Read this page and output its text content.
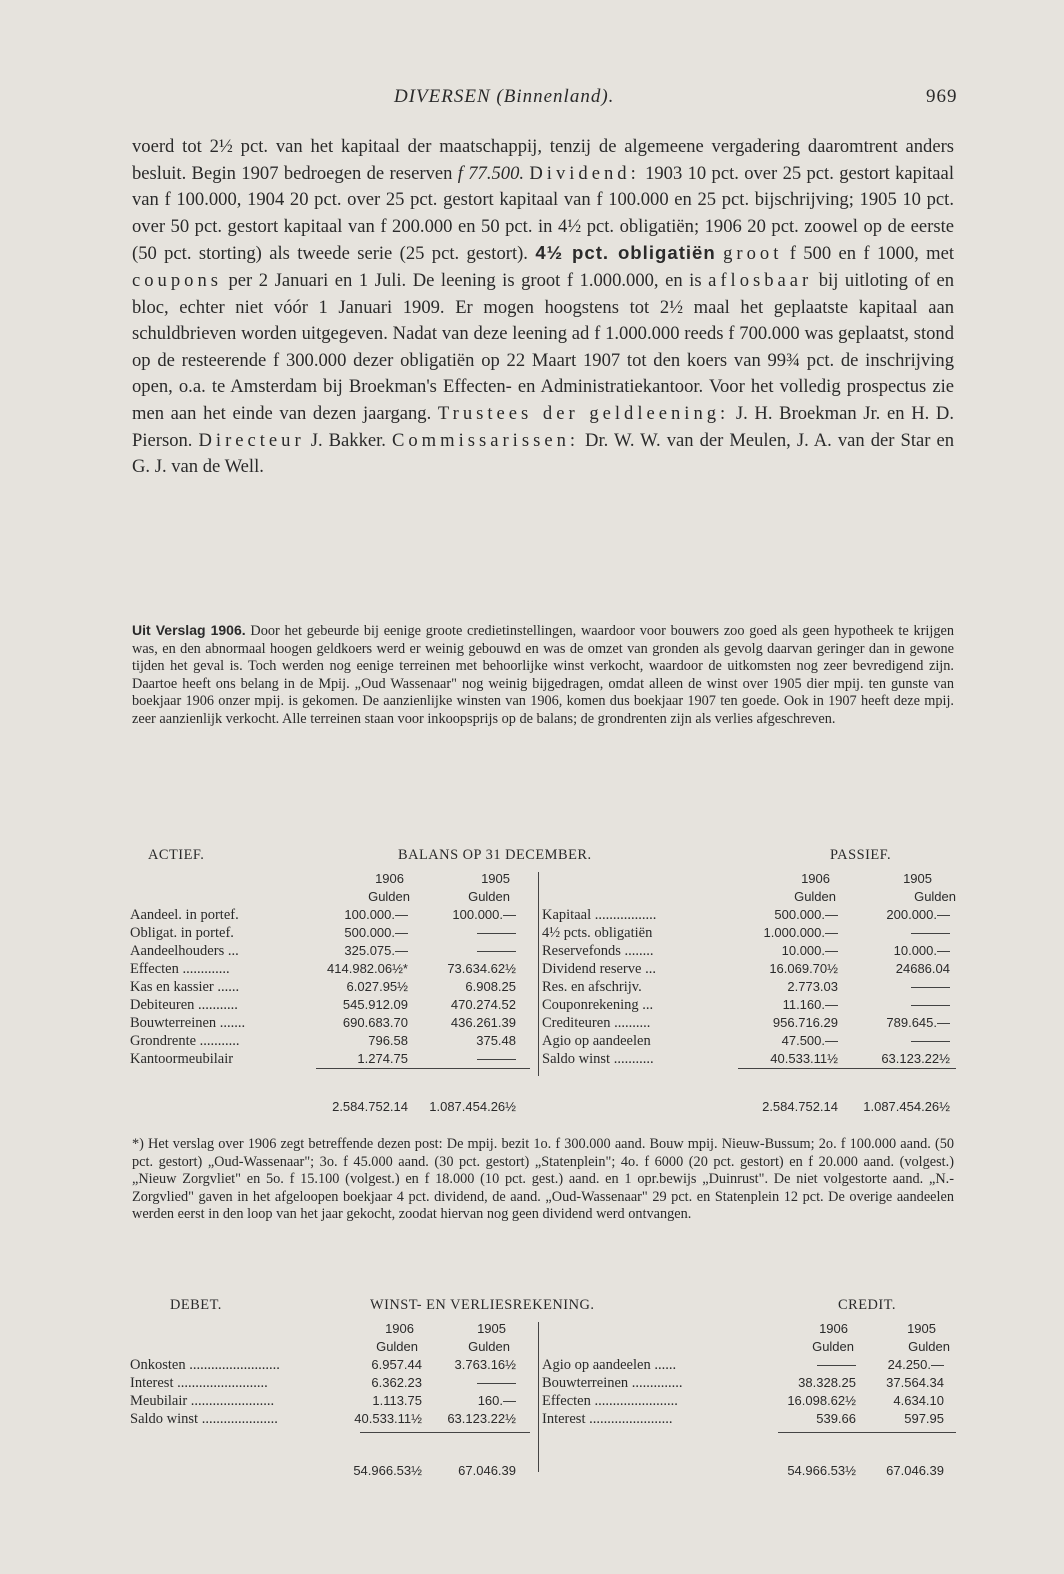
DIVERSEN (Binnenland).	969

voerd tot 2½ pct. van het kapitaal der maatschappij, tenzij de algemeene vergadering daaromtrent anders besluit. Begin 1907 bedroegen de reserven f 77.500. Dividend: 1903 10 pct. over 25 pct. gestort kapitaal van f 100.000, 1904 20 pct. over 25 pct. gestort kapitaal van f 100.000 en 25 pct. bijschrijving; 1905 10 pct. over 50 pct. gestort kapitaal van f 200.000 en 50 pct. in 4½ pct. obligatiën; 1906 20 pct. zoowel op de eerste (50 pct. storting) als tweede serie (25 pct. gestort). 4½ pct. obligatiën groot f 500 en f 1000, met coupons per 2 Januari en 1 Juli. De leening is groot f 1.000.000, en is aflosbaar bij uitloting of en bloc, echter niet vóór 1 Januari 1909. Er mogen hoogstens tot 2½ maal het geplaatste kapitaal aan schuldbrieven worden uitgegeven. Nadat van deze leening ad f 1.000.000 reeds f 700.000 was geplaatst, stond op de resteerende f 300.000 dezer obligatiën op 22 Maart 1907 tot den koers van 99¾ pct. de inschrijving open, o.a. te Amsterdam bij Broekman's Effecten- en Administratiekantoor. Voor het volledig prospectus zie men aan het einde van dezen jaargang. Trustees der geldleening: J. H. Broekman Jr. en H. D. Pierson. Directeur J. Bakker. Commissarissen: Dr. W. W. van der Meulen, J. A. van der Star en G. J. van de Well.

Uit Verslag 1906. Door het gebeurde bij eenige groote credietinstellingen, waardoor voor bouwers zoo goed als geen hypotheek te krijgen was, en den abnormaal hoogen geldkoers werd er weinig gebouwd en was de omzet van gronden als gevolg daarvan geringer dan in gewone tijden het geval is. Toch werden nog eenige terreinen met behoorlijke winst verkocht, waardoor de uitkomsten nog zeer bevredigend zijn. Daartoe heeft ons belang in de Mpij. „Oud Wassenaar" nog weinig bijgedragen, omdat alleen de winst over 1905 dier mpij. ten gunste van boekjaar 1906 onzer mpij. is gekomen. De aanzienlijke winsten van 1906, komen dus boekjaar 1907 ten goede. Ook in 1907 heeft deze mpij. zeer aanzienlijk verkocht. Alle terreinen staan voor inkoopsprijs op de balans; de grondrenten zijn als verlies afgeschreven.
ACTIEF.	BALANS OP 31 DECEMBER.	PASSIEF.
1906	1905
Gulden	Gulden
Aandeel. in portef.	100.000.—	100.000.—
Obligat. in portef.	500.000.—	———
Aandeelhouders ...	325.075.—	———
Effecten .............	414.982.06½*	73.634.62½
Kas en kassier ......	6.027.95½	6.908.25
Debiteuren ...........	545.912.09	470.274.52
Bouwterreinen .......	690.683.70	436.261.39
Grondrente ...........	796.58	375.48
Kantoormeubilair	1.274.75	———
2.584.752.14 1.087.454.26½
1906	1905
Gulden	Gulden
Kapitaal .................	500.000.—	200.000.—
4½ pcts. obligatiën	1.000.000.—	———
Reservefonds ........	10.000.—	10.000.—
Dividend reserve ...	16.069.70½	24686.04
Res. en afschrijv.	2.773.03	———
Couponrekening ...	11.160.—	———
Crediteuren ..........	956.716.29	789.645.—
Agio op aandeelen	47.500.—	———
Saldo winst ...........	40.533.11½	63.123.22½
2.584.752.14 1.087.454.26½
*) Het verslag over 1906 zegt betreffende dezen post: De mpij. bezit 1o. f 300.000 aand. Bouw mpij. Nieuw-Bussum; 2o. f 100.000 aand. (50 pct. gestort) „Oud-Wassenaar"; 3o. f 45.000 aand. (30 pct. gestort) „Statenplein"; 4o. f 6000 (20 pct. gestort) en f 20.000 aand. (volgest.) „Nieuw Zorgvliet" en 5o. f 15.100 (volgest.) en f 18.000 (10 pct. gest.) aand. en 1 opr.bewijs „Duinrust". De niet volgestorte aand. „N.-Zorgvlied" gaven in het afgeloopen boekjaar 4 pct. dividend, de aand. „Oud-Wassenaar" 29 pct. en Statenplein 12 pct. De overige aandeelen werden eerst in den loop van het jaar gekocht, zoodat hiervan nog geen dividend werd ontvangen.
DEBET.	WINST- EN VERLIESREKENING.	CREDIT.
1906	1905
Gulden	Gulden
Onkosten .........................	6.957.44	3.763.16½
Interest .........................	6.362.23	———
Meubilair .......................	1.113.75	160.—
Saldo winst .....................	40.533.11½ 63.123.22½
54.966.53½	67.046.39
1906	1905
Gulden	Gulden
Agio op aandeelen ......	——— 24.250.—
Bouwterreinen ..............	38.328.25 37.564.34
Effecten .......................	16.098.62½	4.634.10
Interest .......................	539.66	597.95
54.966.53½ 67.046.39
